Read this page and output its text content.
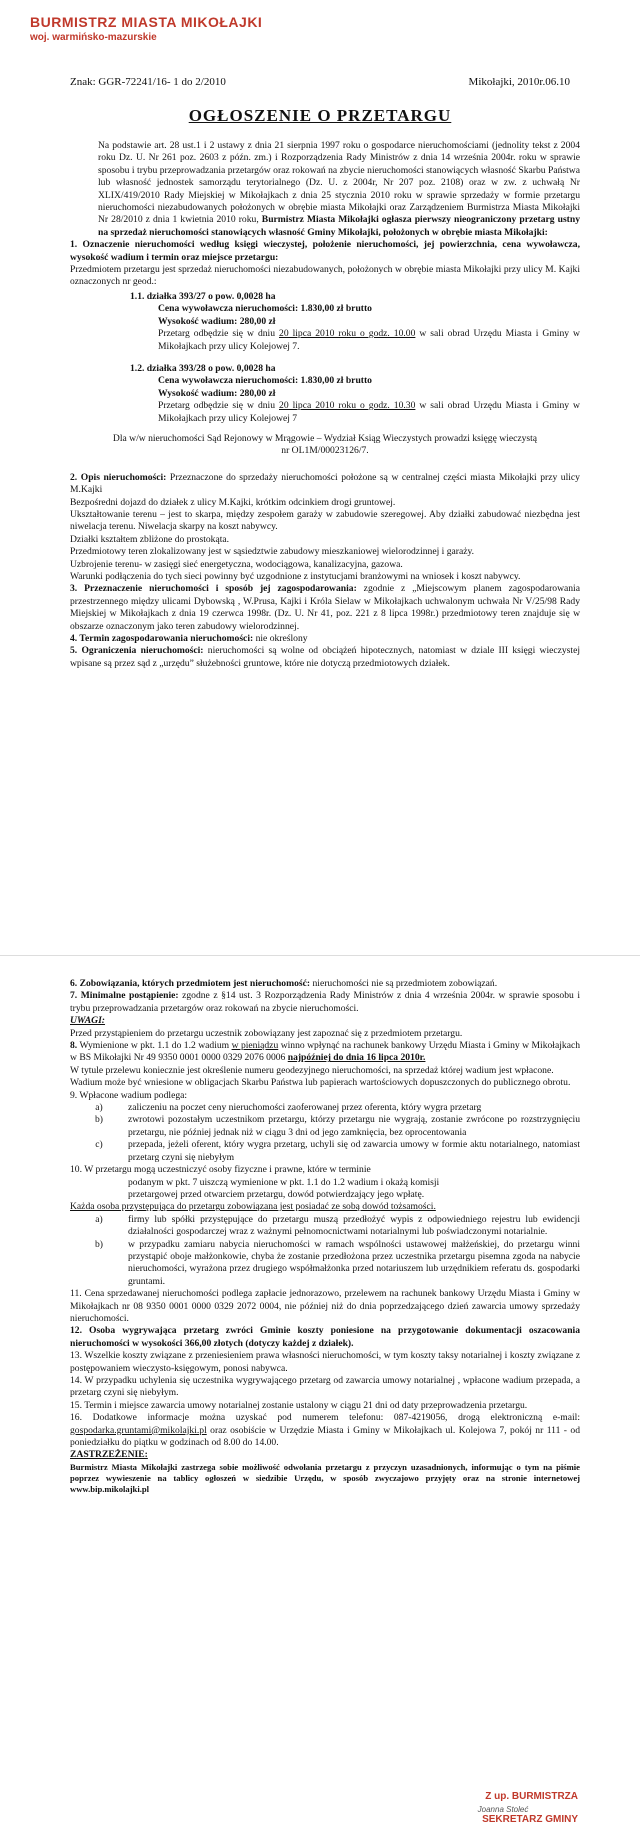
BURMISTRZ MIASTA MIKOŁAJKI
woj. warmińsko-mazurskie
Znak: GGR-72241/16- 1 do 2/2010	Mikołajki, 2010r.06.10
OGŁOSZENIE O PRZETARGU

Na podstawie art. 28 ust.1 i 2 ustawy z dnia 21 sierpnia 1997 roku o gospodarce nieruchomościami (jednolity tekst z 2004 roku Dz. U. Nr 261 poz. 2603 z późn. zm.) i Rozporządzenia Rady Ministrów z dnia 14 września 2004r. roku w sprawie sposobu i trybu przeprowadzania przetargów oraz rokowań na zbycie nieruchomości stanowiących własność Skarbu Państwa lub własność jednostek samorządu terytorialnego (Dz. U. z 2004r, Nr 207 poz. 2108) oraz w zw. z uchwałą Nr XLIX/419/2010 Rady Miejskiej w Mikołajkach z dnia 25 stycznia 2010 roku w sprawie sprzedaży w formie przetargu nieruchomości niezabudowanych położonych w obrębie miasta Mikołajki oraz Zarządzeniem Burmistrza Miasta Mikołajki Nr 28/2010 z dnia 1 kwietnia 2010 roku, Burmistrz Miasta Mikołajki ogłasza pierwszy nieograniczony przetarg ustny na sprzedaż nieruchomości stanowiących własność Gminy Mikołajki, położonych w obrębie miasta Mikołajki:

1. Oznaczenie nieruchomości według księgi wieczystej, położenie nieruchomości, jej powierzchnia, cena wywoławcza, wysokość wadium i termin oraz miejsce przetargu:

Przedmiotem przetargu jest sprzedaż nieruchomości niezabudowanych, położonych w obrębie miasta Mikołajki przy ulicy M. Kajki oznaczonych nr geod.:

1.1. działka 393/27 o pow. 0,0028 ha

Cena wywoławcza nieruchomości: 1.830,00 zł brutto

Wysokość wadium: 280,00 zł

Przetarg odbędzie się w dniu 20 lipca 2010 roku o godz. 10.00 w sali obrad Urzędu Miasta i Gminy w Mikołajkach przy ulicy Kolejowej 7.

1.2. działka 393/28 o pow. 0,0028 ha

Cena wywoławcza nieruchomości: 1.830,00 zł brutto

Wysokość wadium: 280,00 zł

Przetarg odbędzie się w dniu 20 lipca 2010 roku o godz. 10.30 w sali obrad Urzędu Miasta i Gminy w Mikołajkach przy ulicy Kolejowej 7

Dla w/w nieruchomości Sąd Rejonowy w Mrągowie – Wydział Ksiąg Wieczystych prowadzi księgę wieczystą nr OL1M/00023126/7.

2. Opis nieruchomości: Przeznaczone do sprzedaży nieruchomości położone są w centralnej części miasta Mikołajki przy ulicy M.Kajki

Bezpośredni dojazd do działek z ulicy M.Kajki, krótkim odcinkiem drogi gruntowej.

Ukształtowanie terenu – jest to skarpa, między zespołem garaży w zabudowie szeregowej. Aby działki zabudować niezbędna jest niwelacja terenu. Niwelacja skarpy na koszt nabywcy.

Działki kształtem zbliżone do prostokąta.

Przedmiotowy teren zlokalizowany jest w sąsiedztwie zabudowy mieszkaniowej wielorodzinnej i garaży.

Uzbrojenie terenu- w zasięgi sieć energetyczna, wodociągowa, kanalizacyjna, gazowa.

Warunki podłączenia do tych sieci powinny być uzgodnione z instytucjami branżowymi na wniosek i koszt nabywcy.

3. Przeznaczenie nieruchomości i sposób jej zagospodarowania: zgodnie z „Miejscowym planem zagospodarowania przestrzennego między ulicami Dybowską , W.Prusa, Kajki i Króla Sielaw w Mikołajkach uchwalonym uchwała Nr V/25/98 Rady Miejskiej w Mikołajkach z dnia 19 czerwca 1998r. (Dz. U. Nr 41, poz. 221 z 8 lipca 1998r.) przedmiotowy teren znajduje się w obszarze oznaczonym jako teren zabudowy wielorodzinnej.

4. Termin zagospodarowania nieruchomości: nie określony

5. Ograniczenia nieruchomości: nieruchomości są wolne od obciążeń hipotecznych, natomiast w dziale III księgi wieczystej wpisane są przez sąd z „urzędu” służebności gruntowe, które nie dotyczą przedmiotowych działek.

6. Zobowiązania, których przedmiotem jest nieruchomość: nieruchomości nie są przedmiotem zobowiązań.

7. Minimalne postąpienie: zgodne z §14 ust. 3 Rozporządzenia Rady Ministrów z dnia 4 września 2004r. w sprawie sposobu i trybu przeprowadzania przetargów oraz rokowań na zbycie nieruchomości.

UWAGI:

Przed przystąpieniem do przetargu uczestnik zobowiązany jest zapoznać się z przedmiotem przetargu.

8. Wymienione w pkt. 1.1 do 1.2 wadium w pieniądzu winno wpłynąć na rachunek bankowy Urzędu Miasta i Gminy w Mikołajkach w BS Mikołajki Nr 49 9350 0001 0000 0329 2076 0006 najpóźniej do dnia 16 lipca 2010r.

W tytule przelewu koniecznie jest określenie numeru geodezyjnego nieruchomości, na sprzedaż której wadium jest wpłacone.

Wadium może być wniesione w obligacjach Skarbu Państwa lub papierach wartościowych dopuszczonych do publicznego obrotu.

9. Wpłacone wadium podlega:

a)	zaliczeniu na poczet ceny nieruchomości zaoferowanej przez oferenta, który wygra przetarg
b)	zwrotowi pozostałym uczestnikom przetargu, którzy przetargu nie wygrają, zostanie zwrócone po rozstrzygnięciu przetargu, nie później jednak niż w ciągu 3 dni od jego zamknięcia, bez oprocentowania
c)	przepada, jeżeli oferent, który wygra przetarg, uchyli się od zawarcia umowy w formie aktu notarialnego, natomiast przetarg czyni się niebyłym

10. W przetargu mogą uczestniczyć osoby fizyczne i prawne, które w terminie

podanym w pkt. 7 uiszczą wymienione w pkt. 1.1 do 1.2 wadium i okażą komisji

przetargowej przed otwarciem przetargu, dowód potwierdzający jego wpłatę.

Każda osoba przystępująca do przetargu zobowiązana jest posiadać ze sobą dowód tożsamości.

a)	firmy lub spółki przystępujące do przetargu muszą przedłożyć wypis z odpowiedniego rejestru lub ewidencji działalności gospodarczej wraz z ważnymi pełnomocnictwami notarialnymi lub poświadczonymi notarialnie.
b)	w przypadku zamiaru nabycia nieruchomości w ramach wspólności ustawowej małżeńskiej, do przetargu winni przystąpić oboje małżonkowie, chyba że zostanie przedłożona przez uczestnika przetargu pisemna zgoda na nabycie nieruchomości, wyrażona przez drugiego współmałżonka przed notariuszem lub urzędnikiem referatu ds. gospodarki gruntami.

11. Cena sprzedawanej nieruchomości podlega zapłacie jednorazowo, przelewem na rachunek bankowy Urzędu Miasta i Gminy w Mikołajkach nr 08 9350 0001 0000 0329 2072 0004, nie później niż do dnia poprzedzającego dzień zawarcia umowy sprzedaży nieruchomości.

12. Osoba wygrywająca przetarg zwróci Gminie koszty poniesione na przygotowanie dokumentacji oszacowania nieruchomości w wysokości 366,00 złotych (dotyczy każdej z działek).

13. Wszelkie koszty związane z przeniesieniem prawa własności nieruchomości, w tym koszty taksy notarialnej i koszty związane z postępowaniem wieczysto-księgowym, ponosi nabywca.

14. W przypadku uchylenia się uczestnika wygrywającego przetarg od zawarcia umowy notarialnej , wpłacone wadium przepada, a przetarg czyni się niebyłym.

15. Termin i miejsce zawarcia umowy notarialnej zostanie ustalony w ciągu 21 dni od daty przeprowadzenia przetargu.

16. Dodatkowe informacje można uzyskać pod numerem telefonu: 087-4219056, drogą elektroniczną e-mail: gospodarka.gruntami@mikolajki.pl oraz osobiście w Urzędzie Miasta i Gminy w Mikołajkach ul. Kolejowa 7, pokój nr 111 - od poniedziałku do piątku w godzinach od 8.00 do 14.00.

ZASTRZEŻENIE:

Burmistrz Miasta Mikołajki zastrzega sobie możliwość odwołania przetargu z przyczyn uzasadnionych, informując o tym na piśmie poprzez wywieszenie na tablicy ogłoszeń w siedzibie Urzędu, w sposób zwyczajowo przyjęty oraz na stronie internetowej www.bip.mikolajki.pl

Z up. BURMISTRZA
Joanna Stoleć
SEKRETARZ GMINY
